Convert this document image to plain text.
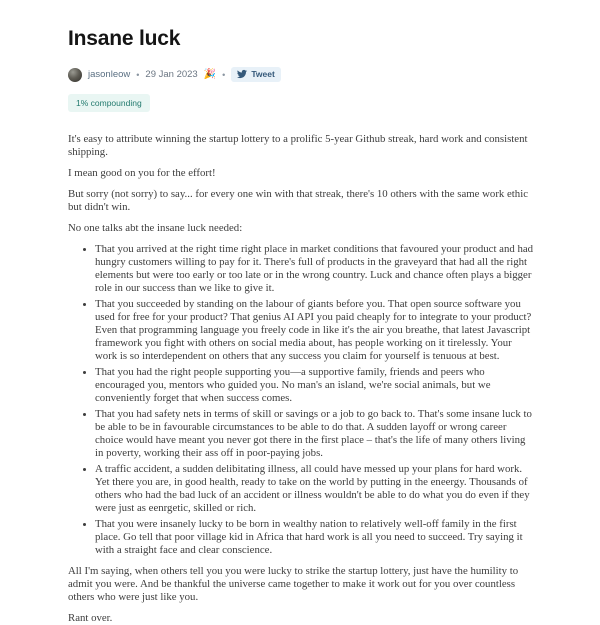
Insane luck
jasonleow • 29 Jan 2023 🎉 •	Tweet
1% compounding

It's easy to attribute winning the startup lottery to a prolific 5-year Github streak, hard work and consistent shipping.

I mean good on you for the effort!

But sorry (not sorry) to say... for every one win with that streak, there's 10 others with the same work ethic but didn't win.

No one talks abt the insane luck needed:

• That you arrived at the right time right place in market conditions that favoured your product and had hungry customers willing to pay for it. There's full of products in the graveyard that had all the right elements but were too early or too late or in the wrong country. Luck and chance often plays a bigger role in our success than we like to give it.
• That you succeeded by standing on the labour of giants before you. That open source software you used for free for your product? That genius AI API you paid cheaply for to integrate to your product? Even that programming language you freely code in like it's the air you breathe, that latest Javascript framework you fight with others on social media about, has people working on it tirelessly. Your work is so interdependent on others that any success you claim for yourself is tenuous at best.
• That you had the right people supporting you—a supportive family, friends and peers who encouraged you, mentors who guided you. No man's an island, we're social animals, but we conveniently forget that when success comes.
• That you had safety nets in terms of skill or savings or a job to go back to. That's some insane luck to be able to be in favourable circumstances to be able to do that. A sudden layoff or wrong career choice would have meant you never got there in the first place – that's the life of many others living in poverty, working their ass off in poor-paying jobs.
• A traffic accident, a sudden delibitating illness, all could have messed up your plans for hard work. Yet there you are, in good health, ready to take on the world by putting in the eneergy. Thousands of others who had the bad luck of an accident or illness wouldn't be able to do what you do even if they were just as eenrgetic, skilled or rich.
• That you were insanely lucky to be born in wealthy nation to relatively well-off family in the first place. Go tell that poor village kid in Africa that hard work is all you need to succeed. Try saying it with a straight face and clear conscience.

All I'm saying, when others tell you you were lucky to strike the startup lottery, just have the humility to admit you were. And be thankful the universe came together to make it work out for you over countless others who were just like you.

Rant over.
